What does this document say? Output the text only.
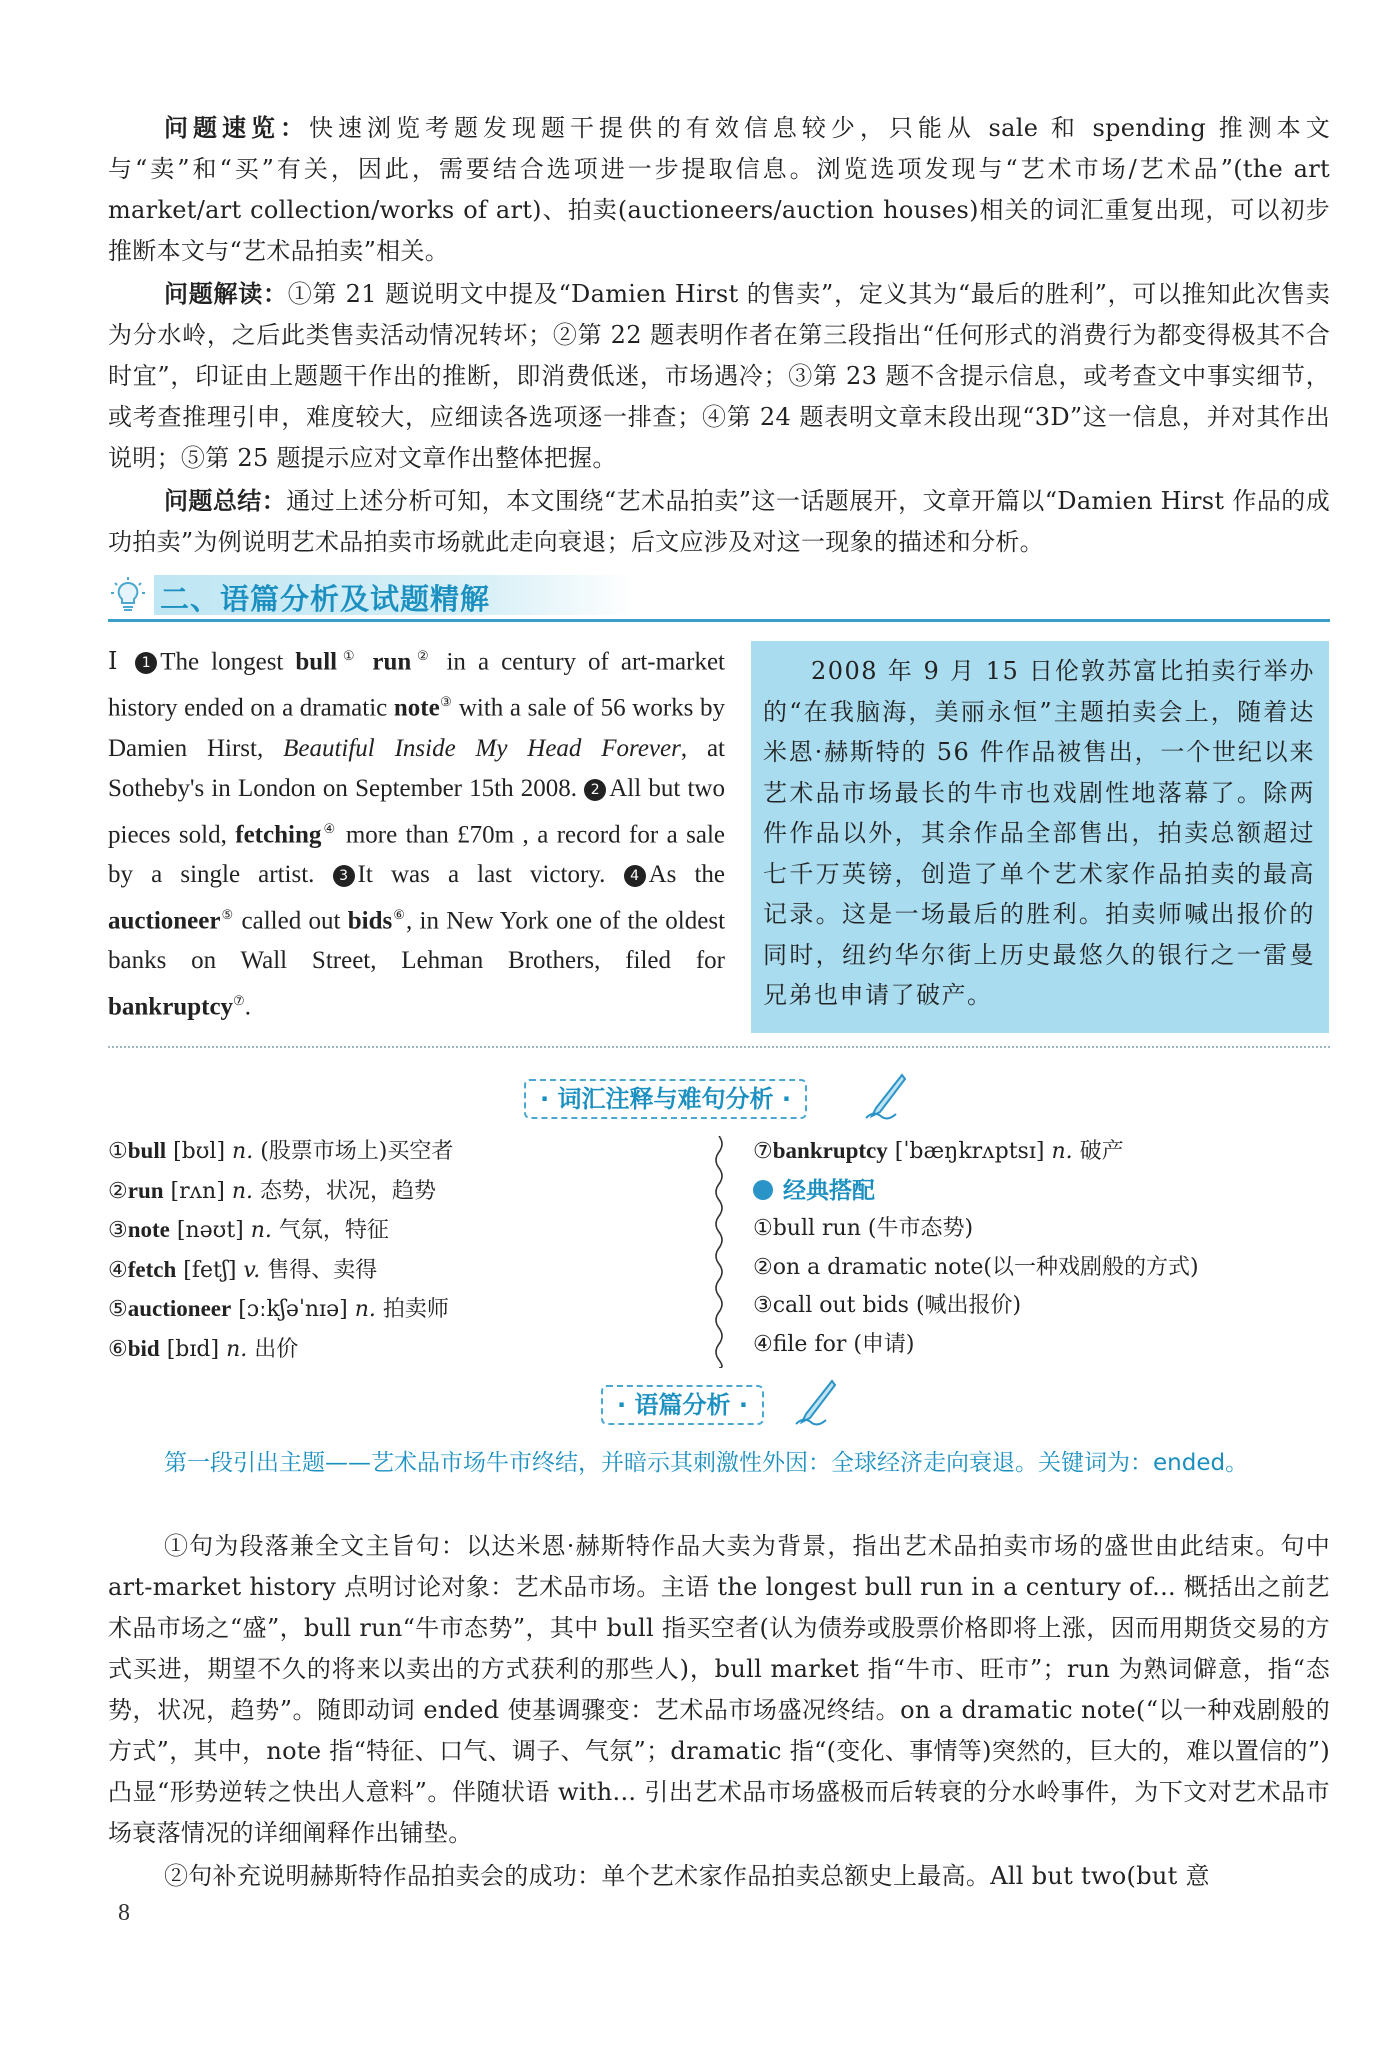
问题速览：快速浏览考题发现题干提供的有效信息较少，只能从 sale 和 spending 推测本文与“卖”和“买”有关，因此，需要结合选项进一步提取信息。浏览选项发现与“艺术市场/艺术品”(the art market/art collection/works of art)、拍卖(auctioneers/auction houses)相关的词汇重复出现，可以初步推断本文与“艺术品拍卖”相关。

问题解读：①第 21 题说明文中提及“Damien Hirst 的售卖”，定义其为“最后的胜利”，可以推知此次售卖为分水岭，之后此类售卖活动情况转坏；②第 22 题表明作者在第三段指出“任何形式的消费行为都变得极其不合时宜”，印证由上题题干作出的推断，即消费低迷，市场遇冷；③第 23 题不含提示信息，或考查文中事实细节，或考查推理引申，难度较大，应细读各选项逐一排查；④第 24 题表明文章末段出现“3D”这一信息，并对其作出说明；⑤第 25 题提示应对文章作出整体把握。

问题总结：通过上述分析可知，本文围绕“艺术品拍卖”这一话题展开，文章开篇以“Damien Hirst 作品的成功拍卖”为例说明艺术品拍卖市场就此走向衰退；后文应涉及对这一现象的描述和分析。

二、语篇分析及试题精解
Ⅰ 1 The longest bull① run② in a century of art-market history ended on a dramatic note③ with a sale of 56 works by Damien Hirst, Beautiful Inside My Head Forever, at Sotheby's in London on September 15th 2008. 2 All but two pieces sold, fetching④ more than £70m , a record for a sale by a single artist. 3 It was a last victory. 4 As the auctioneer⑤ called out bids⑥, in New York one of the oldest banks on Wall Street, Lehman Brothers, filed for bankruptcy⑦.
2008 年 9 月 15 日伦敦苏富比拍卖行举办的“在我脑海，美丽永恒”主题拍卖会上，随着达米恩·赫斯特的 56 件作品被售出，一个世纪以来艺术品市场最长的牛市也戏剧性地落幕了。除两件作品以外，其余作品全部售出，拍卖总额超过七千万英镑，创造了单个艺术家作品拍卖的最高记录。这是一场最后的胜利。拍卖师喊出报价的同时，纽约华尔街上历史最悠久的银行之一雷曼兄弟也申请了破产。
· 词汇注释与难句分析 ·
①bull [bʊl] n. (股票市场上)买空者
②run [rʌn] n. 态势，状况，趋势
③note [nəʊt] n. 气氛，特征
④fetch [fetʃ] v. 售得、卖得
⑤auctioneer [ɔːkʃəˈnɪə] n. 拍卖师
⑥bid [bɪd] n. 出价
⑦bankruptcy [ˈbæŋkrʌptsɪ] n. 破产
经典搭配
①bull run (牛市态势)
②on a dramatic note(以一种戏剧般的方式)
③call out bids (喊出报价)
④file for (申请)
· 语篇分析 ·
第一段引出主题——艺术品市场牛市终结，并暗示其刺激性外因：全球经济走向衰退。关键词为：ended。

①句为段落兼全文主旨句：以达米恩·赫斯特作品大卖为背景，指出艺术品拍卖市场的盛世由此结束。句中 art-market history 点明讨论对象：艺术品市场。主语 the longest bull run in a century of... 概括出之前艺术品市场之“盛”，bull run“牛市态势”，其中 bull 指买空者(认为债券或股票价格即将上涨，因而用期货交易的方式买进，期望不久的将来以卖出的方式获利的那些人)，bull market 指“牛市、旺市”；run 为熟词僻意，指“态势，状况，趋势”。随即动词 ended 使基调骤变：艺术品市场盛况终结。on a dramatic note(“以一种戏剧般的方式”，其中，note 指“特征、口气、调子、气氛”；dramatic 指“(变化、事情等)突然的，巨大的，难以置信的”)凸显“形势逆转之快出人意料”。伴随状语 with... 引出艺术品市场盛极而后转衰的分水岭事件，为下文对艺术品市场衰落情况的详细阐释作出铺垫。

②句补充说明赫斯特作品拍卖会的成功：单个艺术家作品拍卖总额史上最高。All but two(but 意

8
